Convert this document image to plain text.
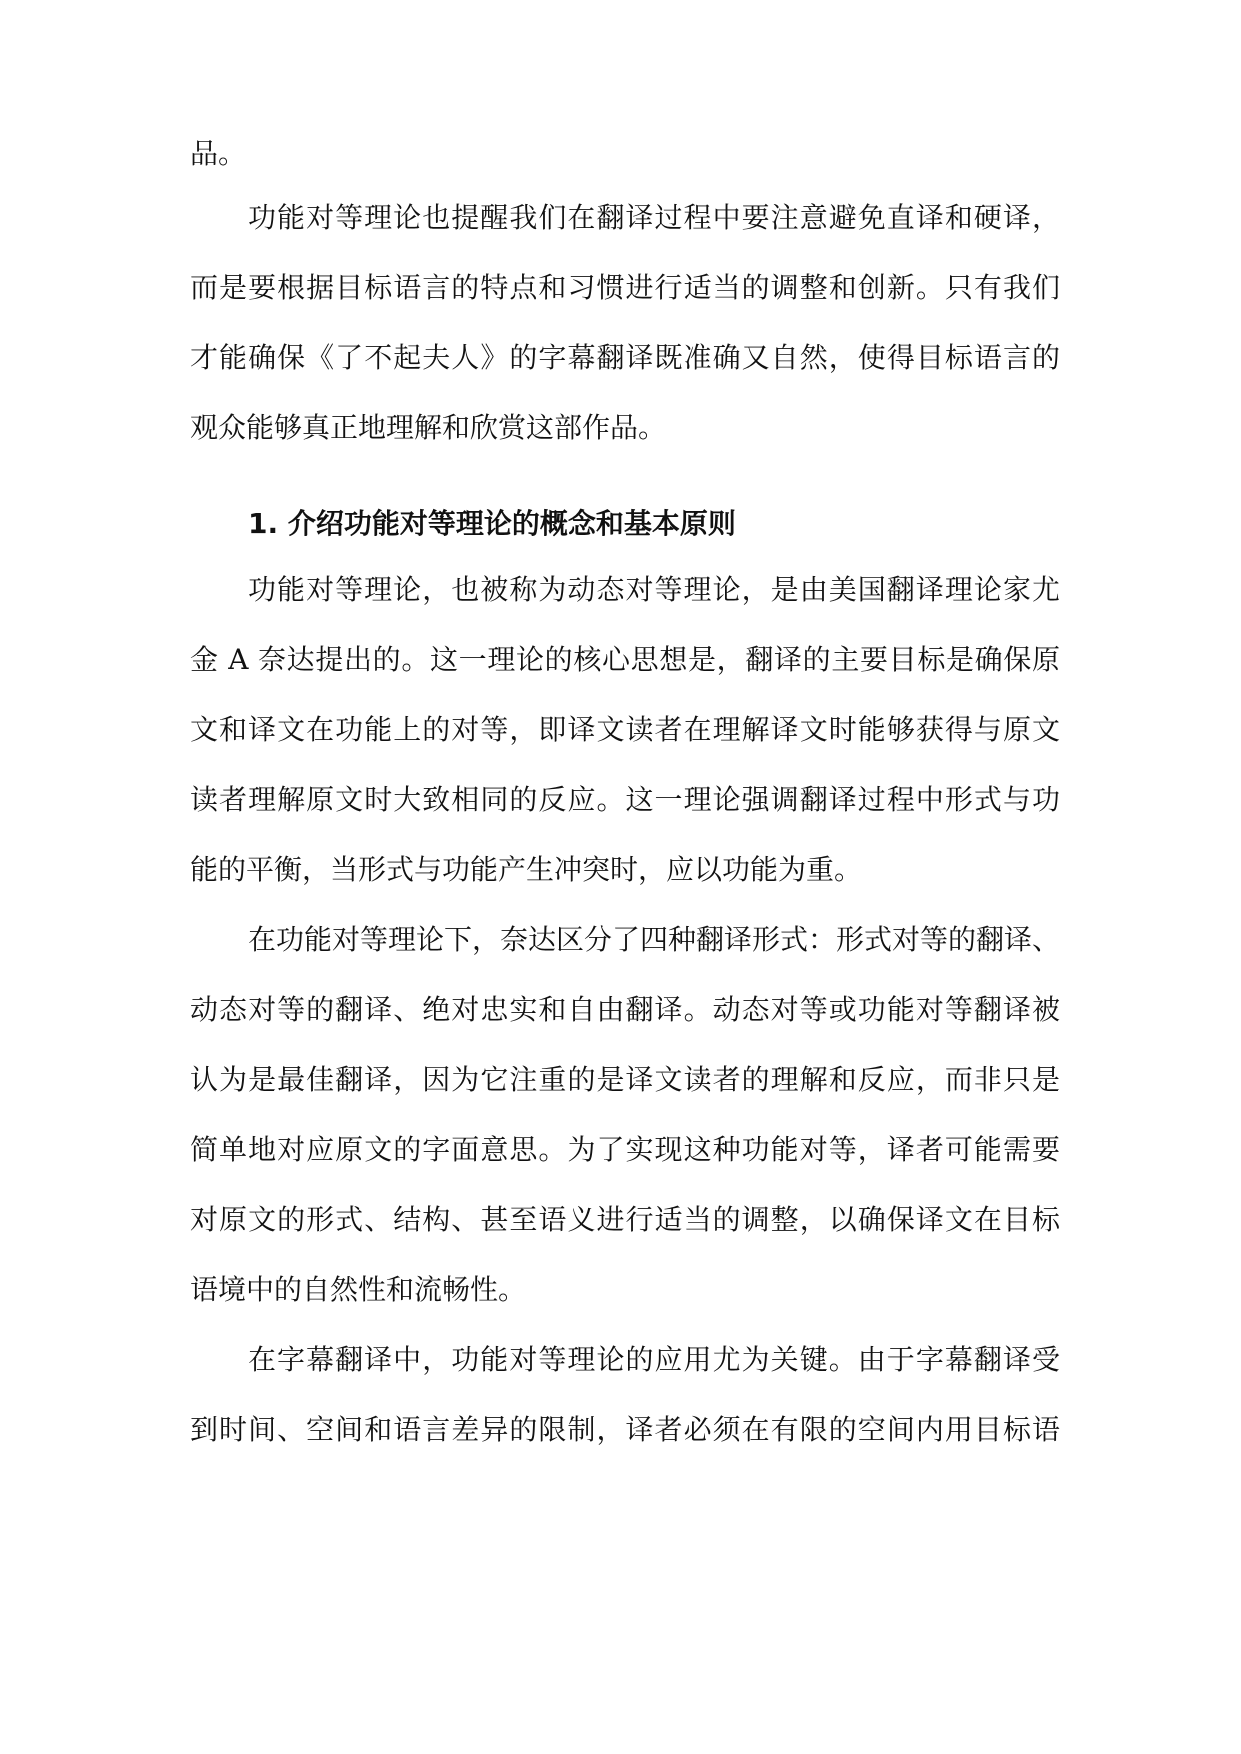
品。
功能对等理论也提醒我们在翻译过程中要注意避免直译和硬译，
而是要根据目标语言的特点和习惯进行适当的调整和创新。只有我们
才能确保《了不起夫人》的字幕翻译既准确又自然，使得目标语言的
观众能够真正地理解和欣赏这部作品。
1. 介绍功能对等理论的概念和基本原则
功能对等理论，也被称为动态对等理论，是由美国翻译理论家尤
金 A 奈达提出的。这一理论的核心思想是，翻译的主要目标是确保原
文和译文在功能上的对等，即译文读者在理解译文时能够获得与原文
读者理解原文时大致相同的反应。这一理论强调翻译过程中形式与功
能的平衡，当形式与功能产生冲突时，应以功能为重。
在功能对等理论下，奈达区分了四种翻译形式：形式对等的翻译、
动态对等的翻译、绝对忠实和自由翻译。动态对等或功能对等翻译被
认为是最佳翻译，因为它注重的是译文读者的理解和反应，而非只是
简单地对应原文的字面意思。为了实现这种功能对等，译者可能需要
对原文的形式、结构、甚至语义进行适当的调整，以确保译文在目标
语境中的自然性和流畅性。
在字幕翻译中，功能对等理论的应用尤为关键。由于字幕翻译受
到时间、空间和语言差异的限制，译者必须在有限的空间内用目标语
